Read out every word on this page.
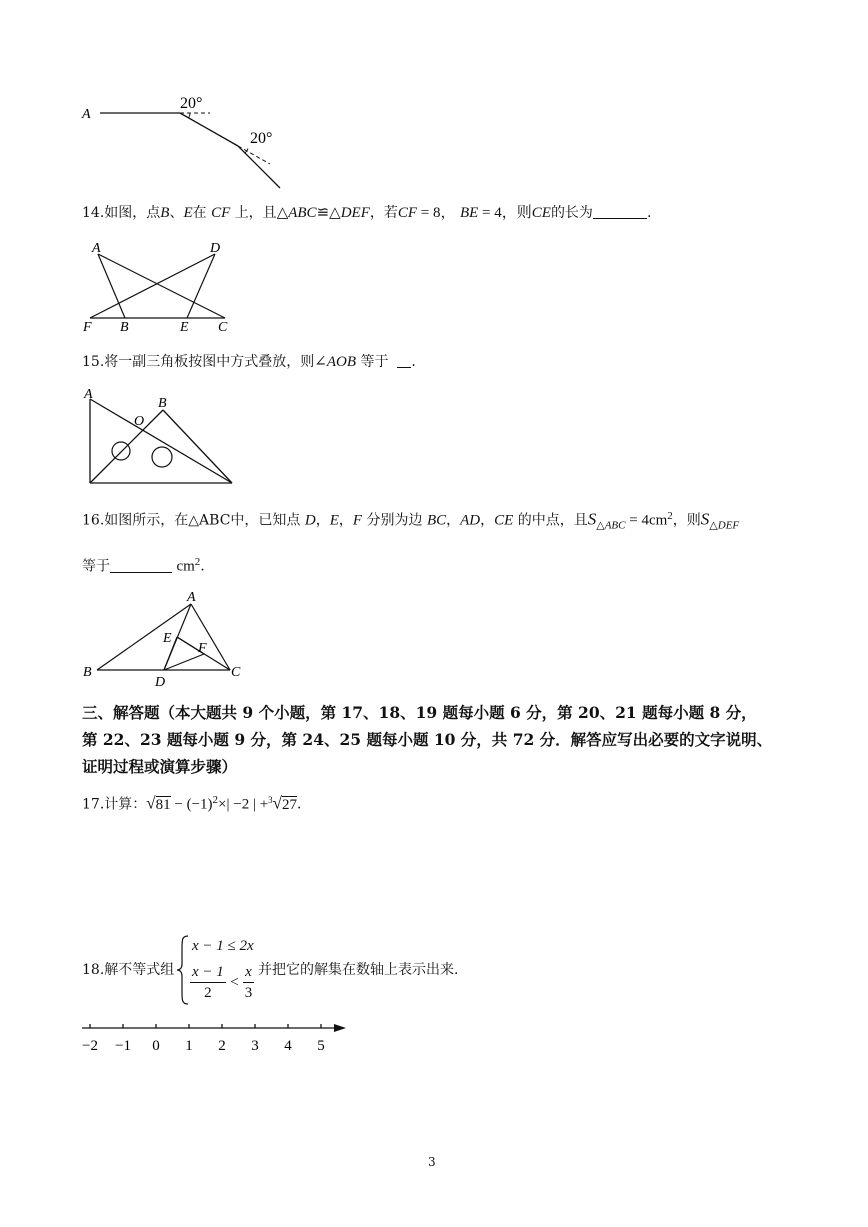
A
20°
20°
14.如图，点B、E在 CF 上，且△ABC≌△DEF，若CF = 8， BE = 4，则CE的长为	.
A	D
F B	E C
15.将一副三角板按图中方式叠放，则∠AOB 等于 .
A
O
B
16.如图所示，在△ABC中，已知点 D，E，F 分别为边 BC，AD，CE 的中点，且$S_{\triangle ABC} = 4cm^2$，则$S_{\triangle DEF}$
等于	$cm^2$.
A
E
F
B
D
C
三、解答题（本大题共 9 个小题，第 17、18、19 题每小题 6 分，第 20、21 题每小题 8 分，
第 22、23 题每小题 9 分，第 24、25 题每小题 10 分，共 72 分．解答应写出必要的文字说明、
证明过程或演算步骤）
17.计算：$√81 - (-1)^2\times| -2$ | +$^3$√27．
18.解不等式组
x − 1 ≤ 2x
$\frac{x - 1}{2} < \frac{x}{3}$ 并把它的解集在数轴上表示出来.
−2 −1 0 1 2 3 4 5
3
